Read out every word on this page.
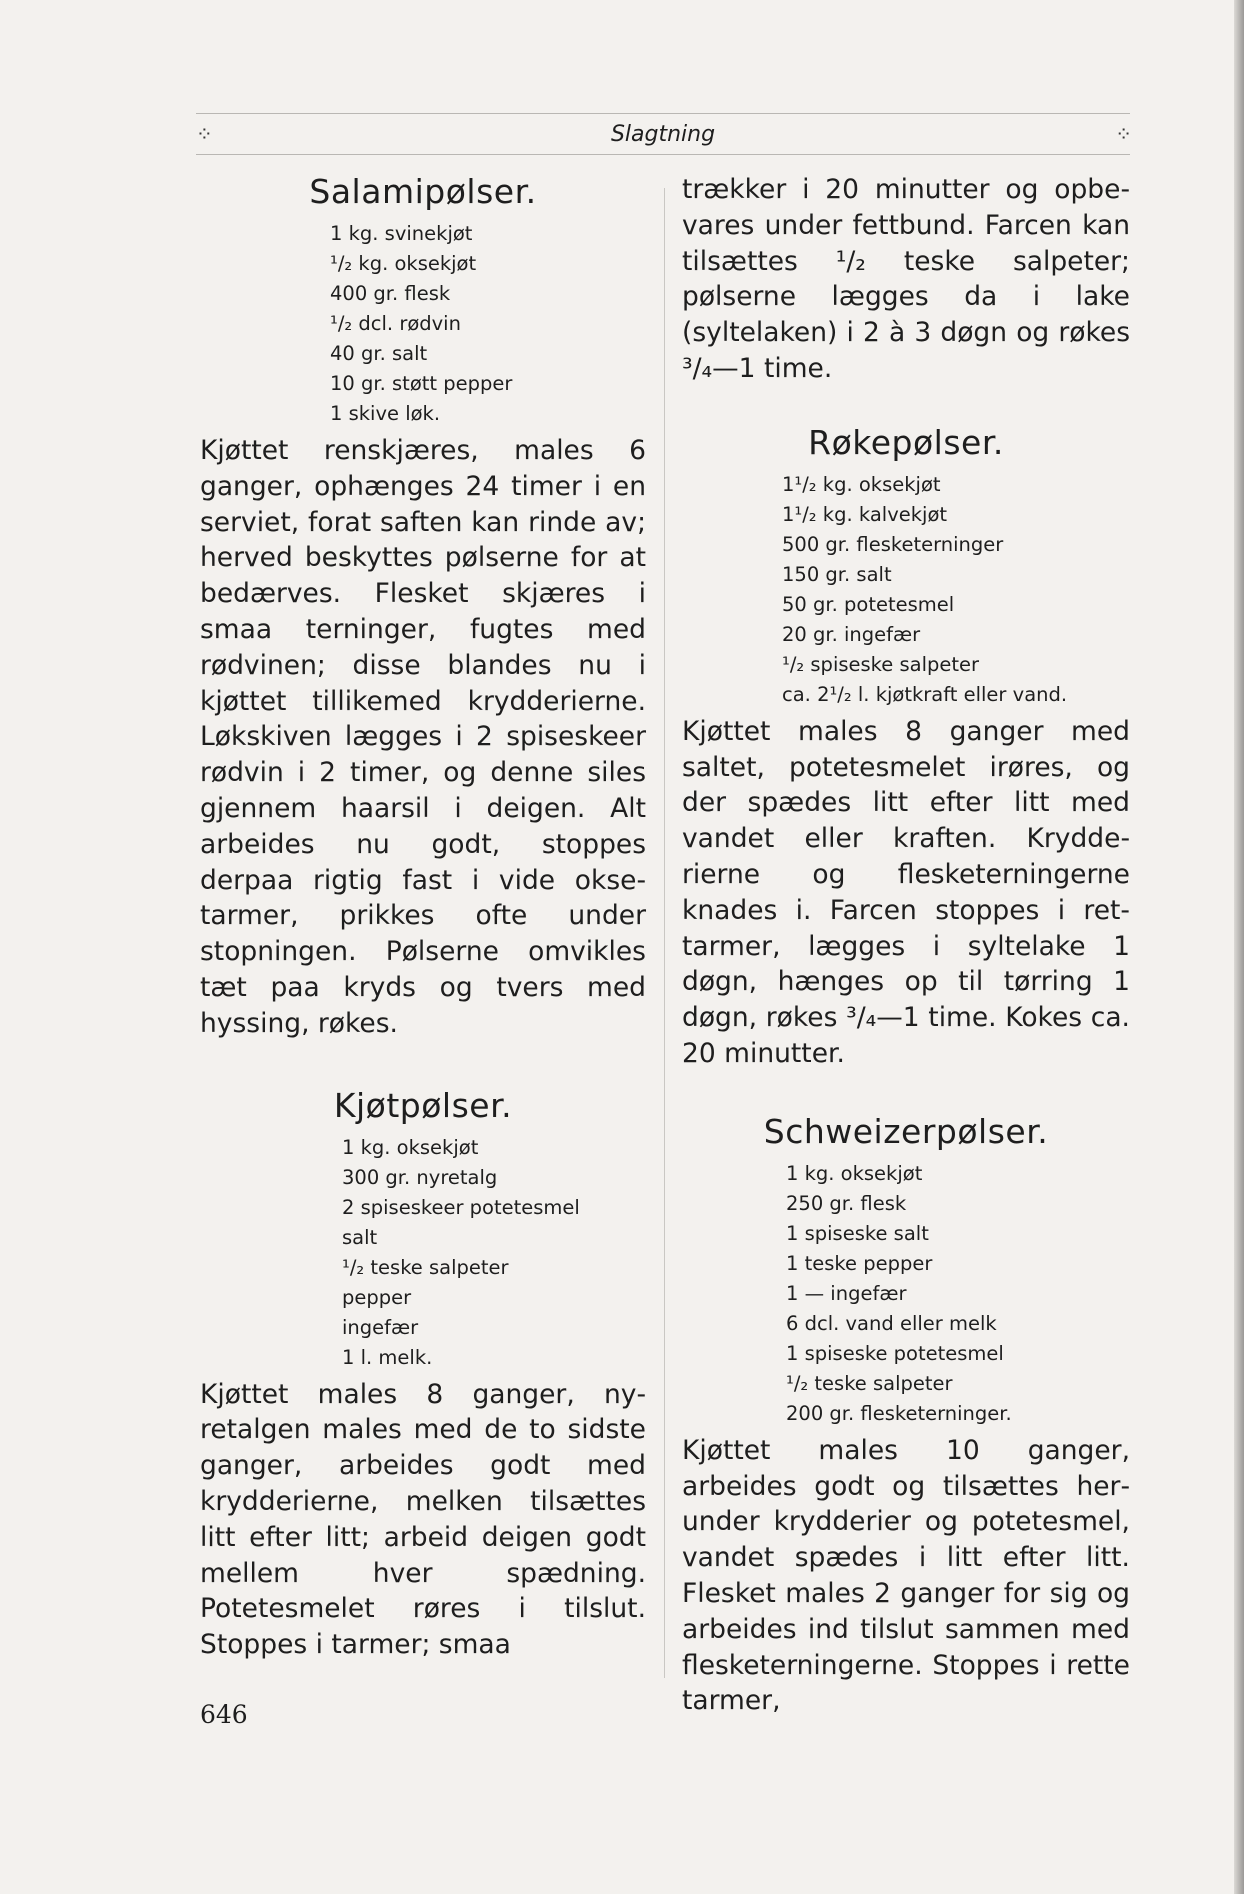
⁘	Slagtning	⁘
Salamipølser.
1 kg. svinekjøt
¹/₂ kg. oksekjøt
400 gr. flesk
¹/₂ dcl. rødvin
40 gr. salt
10 gr. støtt pepper
1 skive løk.

Kjøttet renskjæres, males 6 ganger, ophænges 24 timer i en serviet, forat saften kan rinde av; herved beskyttes pølserne for at bedærves. Flesket skjæres i smaa terninger, fugtes med rødvinen; disse blandes nu i kjøttet tillikemed krydderierne. Løkskiven lægges i 2 spiseskeer rødvin i 2 timer, og denne siles gjennem haarsil i deigen. Alt arbeides nu godt, stoppes derpaa rigtig fast i vide oksetarmer, prikkes ofte under stopningen. Pølserne omvikles tæt paa kryds og tvers med hyssing, røkes.

Kjøtpølser.
1 kg. oksekjøt
300 gr. nyretalg
2 spiseskeer potetesmel
salt
¹/₂ teske salpeter
pepper
ingefær
1 l. melk.

Kjøttet males 8 ganger, nyretalgen males med de to sidste ganger, arbeides godt med krydderierne, melken tilsættes litt efter litt; arbeid deigen godt mellem hver spædning. Potetesmelet røres i tilslut. Stoppes i tarmer; smaa

trækker i 20 minutter og opbevares under fettbund. Farcen kan tilsættes ¹/₂ teske salpeter; pølserne lægges da i lake (syltelaken) i 2 à 3 døgn og røkes ³/₄—1 time.

Røkepølser.
1¹/₂ kg. oksekjøt
1¹/₂ kg. kalvekjøt
500 gr. flesketerninger
150 gr. salt
50 gr. potetesmel
20 gr. ingefær
¹/₂ spiseske salpeter
ca. 2¹/₂ l. kjøtkraft eller vand.

Kjøttet males 8 ganger med saltet, potetesmelet irøres, og der spædes litt efter litt med vandet eller kraften. Krydderierne og flesketerningerne knades i. Farcen stoppes i ret-tarmer, lægges i syltelake 1 døgn, hænges op til tørring 1 døgn, røkes ³/₄—1 time. Kokes ca. 20 minutter.

Schweizerpølser.
1 kg. oksekjøt
250 gr. flesk
1 spiseske salt
1 teske pepper
1 — ingefær
6 dcl. vand eller melk
1 spiseske potetesmel
¹/₂ teske salpeter
200 gr. flesketerninger.

Kjøttet males 10 ganger, arbeides godt og tilsættes herunder krydderier og potetesmel, vandet spædes i litt efter litt. Flesket males 2 ganger for sig og arbeides ind tilslut sammen med flesketerningerne. Stoppes i rette tarmer,

646
